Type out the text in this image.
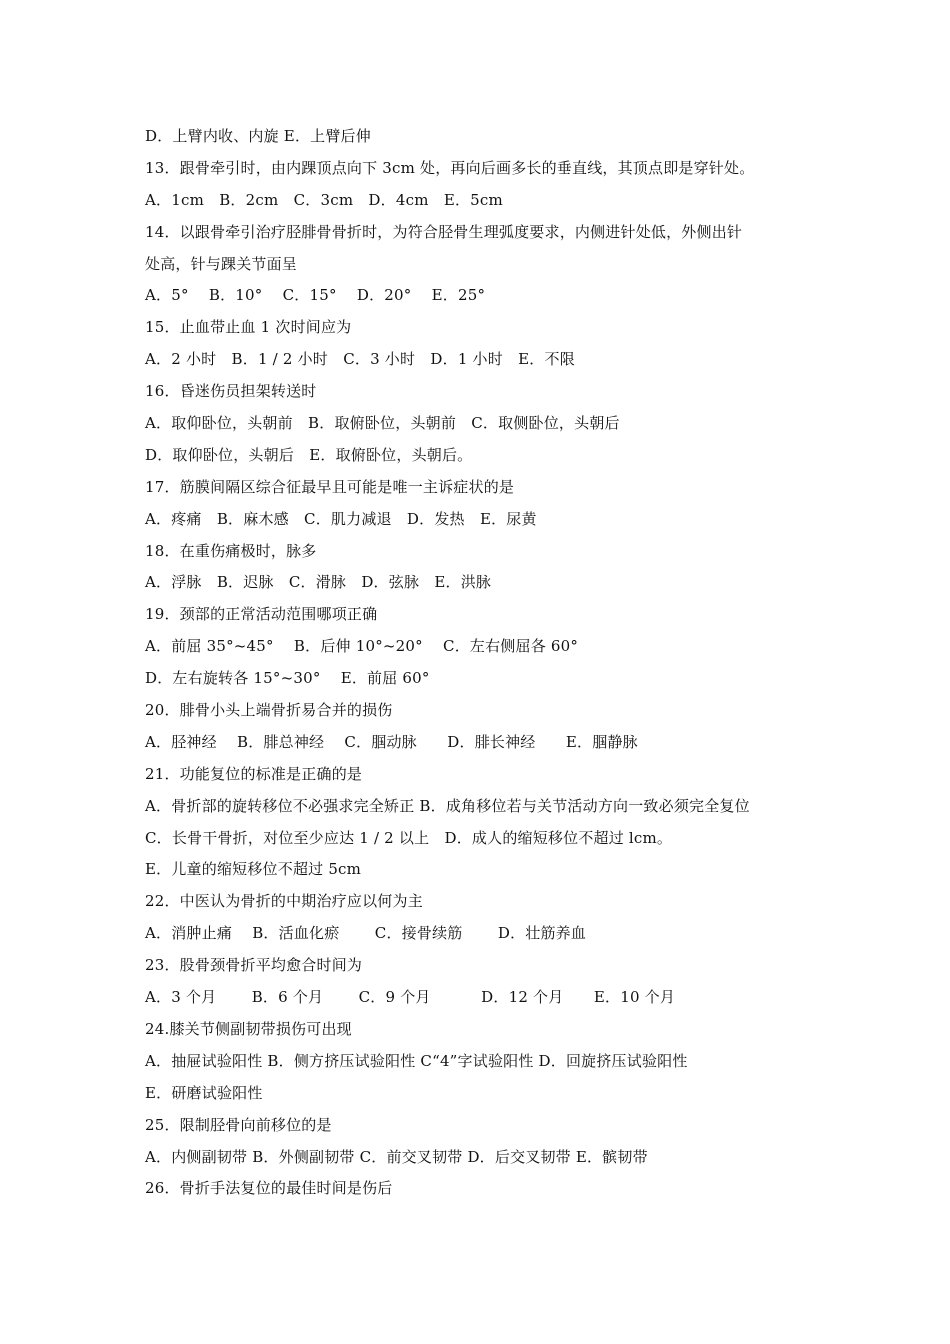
D．上臂内收、内旋 E．上臂后伸
13．跟骨牵引时，由内踝顶点向下 3cm 处，再向后画多长的垂直线，其顶点即是穿针处。
A．1cm　B．2cm　C．3cm　D．4cm　E．5cm
14．以跟骨牵引治疗胫腓骨骨折时，为符合胫骨生理弧度要求，内侧进针处低，外侧出针
处高，针与踝关节面呈
A．5°　 B．10°　 C．15°　 D．20°　 E．25°
15．止血带止血 1 次时间应为
A．2 小时　B．1 / 2 小时　C．3 小时　D．1 小时　E．不限
16．昏迷伤员担架转送时
A．取仰卧位，头朝前　B．取俯卧位，头朝前　C．取侧卧位，头朝后
D．取仰卧位，头朝后　E．取俯卧位，头朝后。
17．筋膜间隔区综合征最早且可能是唯一主诉症状的是
A．疼痛　B．麻木感　C．肌力减退　D．发热　E．尿黄
18．在重伤痛极时，脉多
A．浮脉　B．迟脉　C．滑脉　D．弦脉　E．洪脉
19．颈部的正常活动范围哪项正确
A．前屈 35°~45°　 B．后伸 10°~20°　 C．左右侧屈各 60°
D．左右旋转各 15°~30°　 E．前屈 60°
20．腓骨小头上端骨折易合并的损伤
A．胫神经　 B．腓总神经　 C．腘动脉　　D．腓长神经　　E．腘静脉
21．功能复位的标准是正确的是
A．骨折部的旋转移位不必强求完全矫正 B．成角移位若与关节活动方向一致必须完全复位
C．长骨干骨折，对位至少应达 1 / 2 以上　D．成人的缩短移位不超过 lcm。
E．儿童的缩短移位不超过 5cm
22．中医认为骨折的中期治疗应以何为主
A．消肿止痛　 B．活血化瘀　　 C．接骨续筋　　 D．壮筋养血
23．股骨颈骨折平均愈合时间为
A．3 个月　　 B．6 个月　　 C．9 个月　　　 D．12 个月　　E．10 个月
24.膝关节侧副韧带损伤可出现
A．抽屉试验阳性 B．侧方挤压试验阳性 C“4”字试验阳性 D．回旋挤压试验阳性
E．研磨试验阳性
25．限制胫骨向前移位的是
A．内侧副韧带 B．外侧副韧带 C．前交叉韧带 D．后交叉韧带 E．髌韧带
26．骨折手法复位的最佳时间是伤后
